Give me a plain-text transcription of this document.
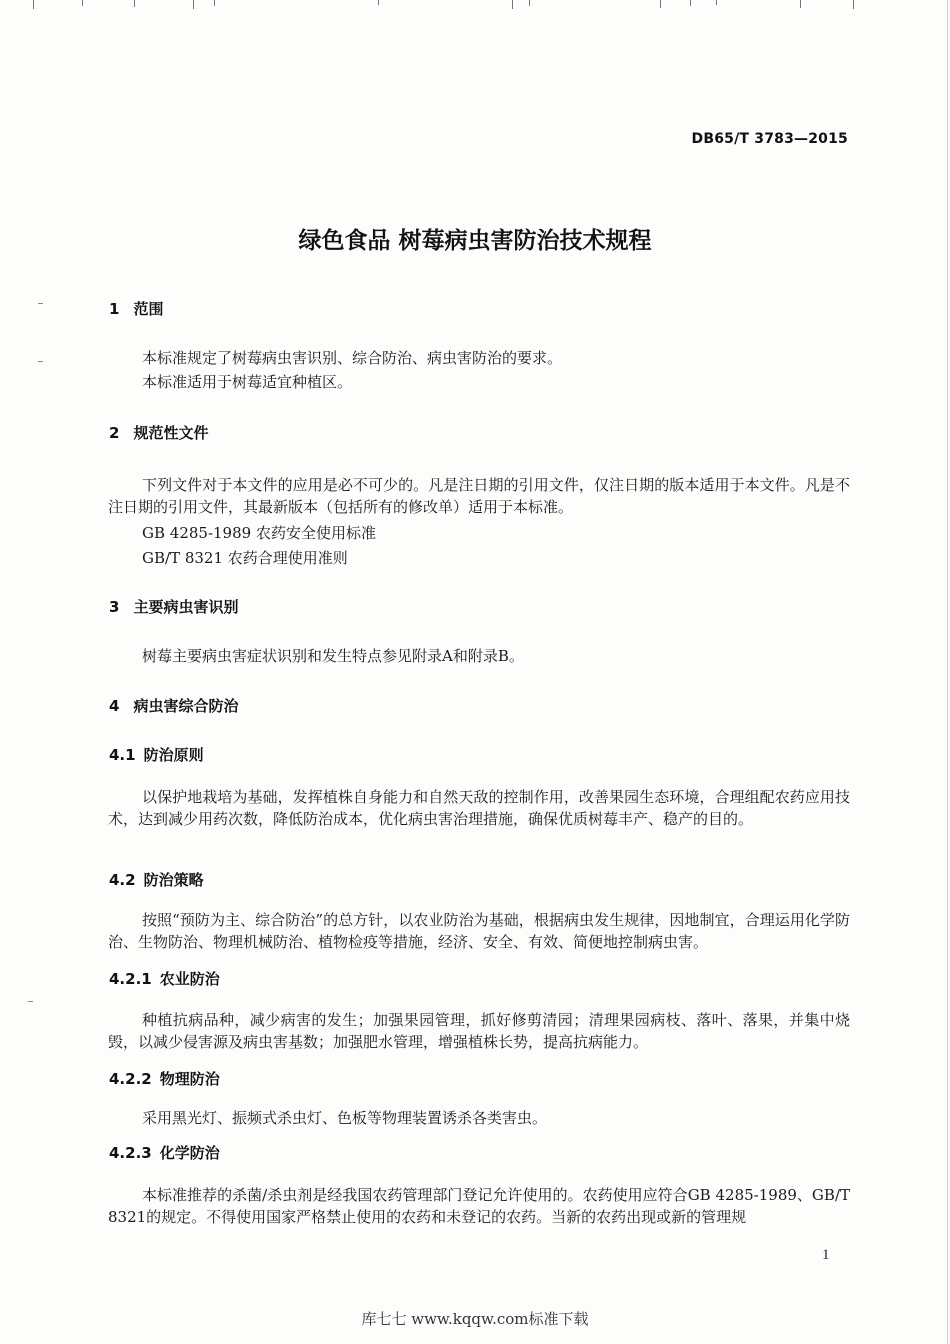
DB65/T 3783—2015
绿色食品 树莓病虫害防治技术规程
1 范围
本标准规定了树莓病虫害识别、综合防治、病虫害防治的要求。
本标准适用于树莓适宜种植区。
2 规范性文件
下列文件对于本文件的应用是必不可少的。凡是注日期的引用文件，仅注日期的版本适用于本文件。凡是不注日期的引用文件，其最新版本（包括所有的修改单）适用于本标准。
GB 4285-1989 农药安全使用标准
GB/T 8321 农药合理使用准则
3 主要病虫害识别
树莓主要病虫害症状识别和发生特点参见附录A和附录B。
4 病虫害综合防治
4.1 防治原则
以保护地栽培为基础，发挥植株自身能力和自然天敌的控制作用，改善果园生态环境，合理组配农药应用技术，达到减少用药次数，降低防治成本，优化病虫害治理措施，确保优质树莓丰产、稳产的目的。
4.2 防治策略
按照“预防为主、综合防治”的总方针，以农业防治为基础，根据病虫发生规律，因地制宜，合理运用化学防治、生物防治、物理机械防治、植物检疫等措施，经济、安全、有效、简便地控制病虫害。
4.2.1 农业防治
种植抗病品种，减少病害的发生；加强果园管理，抓好修剪清园；清理果园病枝、落叶、落果，并集中烧毁，以减少侵害源及病虫害基数；加强肥水管理，增强植株长势，提高抗病能力。
4.2.2 物理防治
采用黑光灯、振频式杀虫灯、色板等物理装置诱杀各类害虫。
4.2.3 化学防治
本标准推荐的杀菌/杀虫剂是经我国农药管理部门登记允许使用的。农药使用应符合GB 4285-1989、GB/T 8321的规定。不得使用国家严格禁止使用的农药和未登记的农药。当新的农药出现或新的管理规
1
库七七 www.kqqw.com标准下载
